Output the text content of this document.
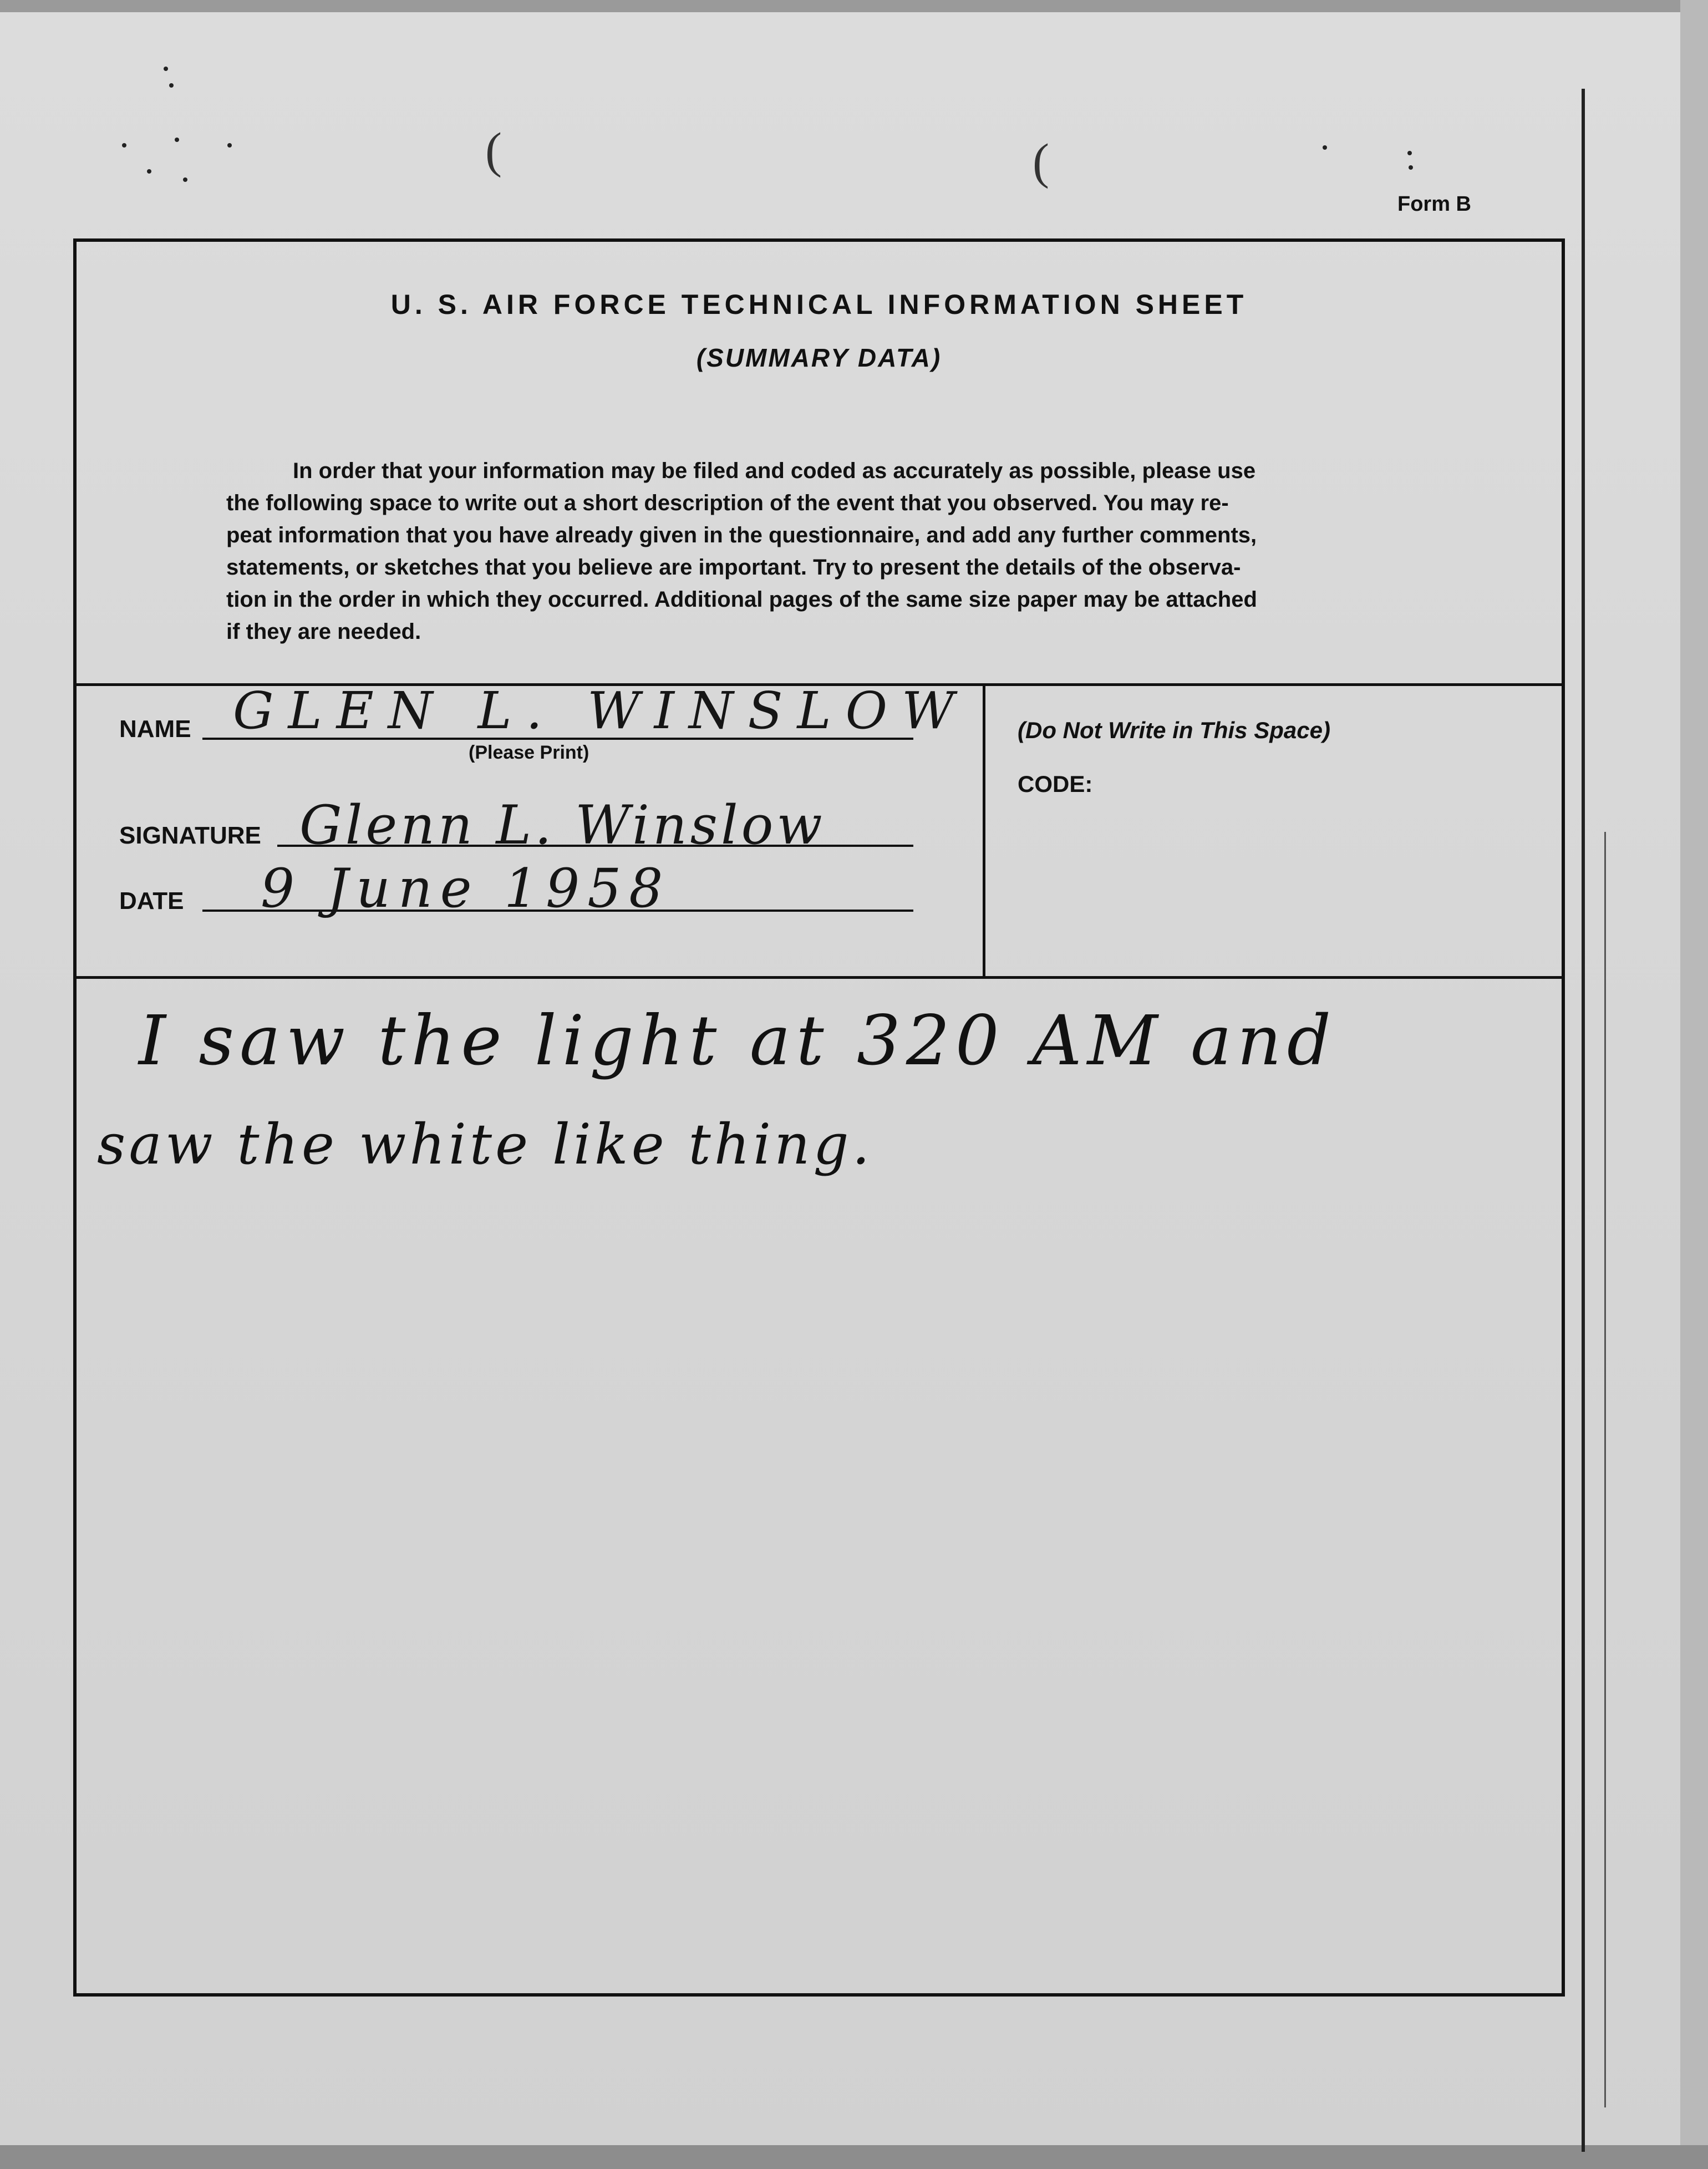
(	(
Form B
U. S. AIR FORCE TECHNICAL INFORMATION SHEET
(SUMMARY DATA)
In order that your information may be filed and coded as accurately as possible, please use
the following space to write out a short description of the event that you observed. You may re-
peat information that you have already given in the questionnaire, and add any further comments,
statements, or sketches that you believe are important. Try to present the details of the observa-
tion in the order in which they occurred. Additional pages of the same size paper may be attached
if they are needed.
NAME GLEN L. WINSLOW
(Please Print)
SIGNATURE Glenn L. Winslow
DATE 9 June 1958
(Do Not Write in This Space)
CODE:
I saw the light at 320 AM and
saw the white like thing.
